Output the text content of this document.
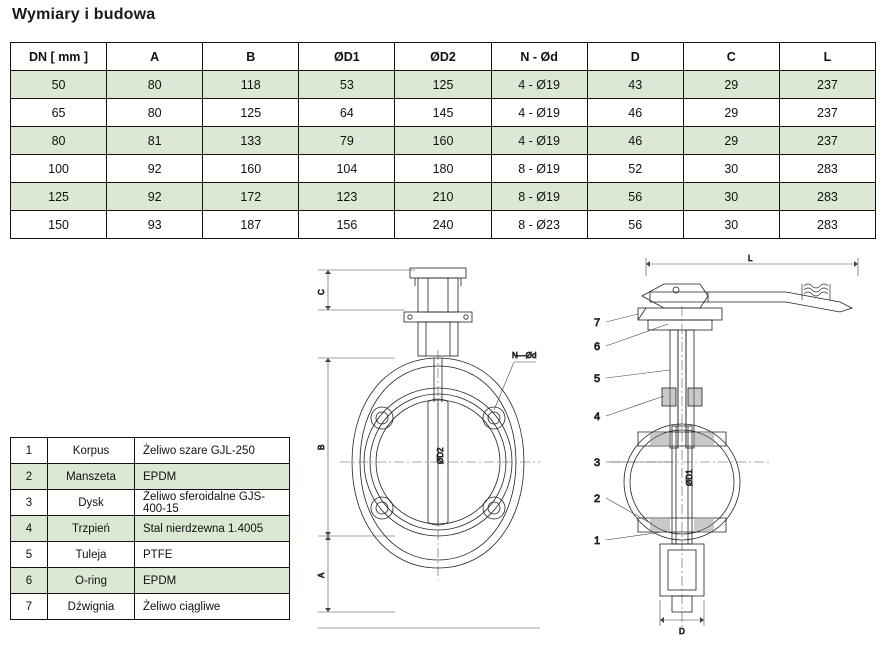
Wymiary i budowa
DN [ mm ]	A	B	ØD1	ØD2	N - Ød	D	C	L
50	80	118	53	125	4 - Ø19	43	29	237
65	80	125	64	145	4 - Ø19	46	29	237
80	81	133	79	160	4 - Ø19	46	29	237
100	92	160	104	180	8 - Ø19	52	30	283
125	92	172	123	210	8 - Ø19	56	30	283
150	93	187	156	240	8 - Ø23	56	30	283
1	Korpus	Żeliwo szare GJL-250
2	Manszeta	EPDM
3	Dysk	Żeliwo sferoidalne GJS-400-15
4	Trzpień	Stal nierdzewna 1.4005
5	Tuleja	PTFE
6	O-ring	EPDM
7	Dźwignia	Żeliwo ciągliwe
C
B
A
N—Ød
ØD2
L
ØD1
D
7
6
5
4
3
2
1
